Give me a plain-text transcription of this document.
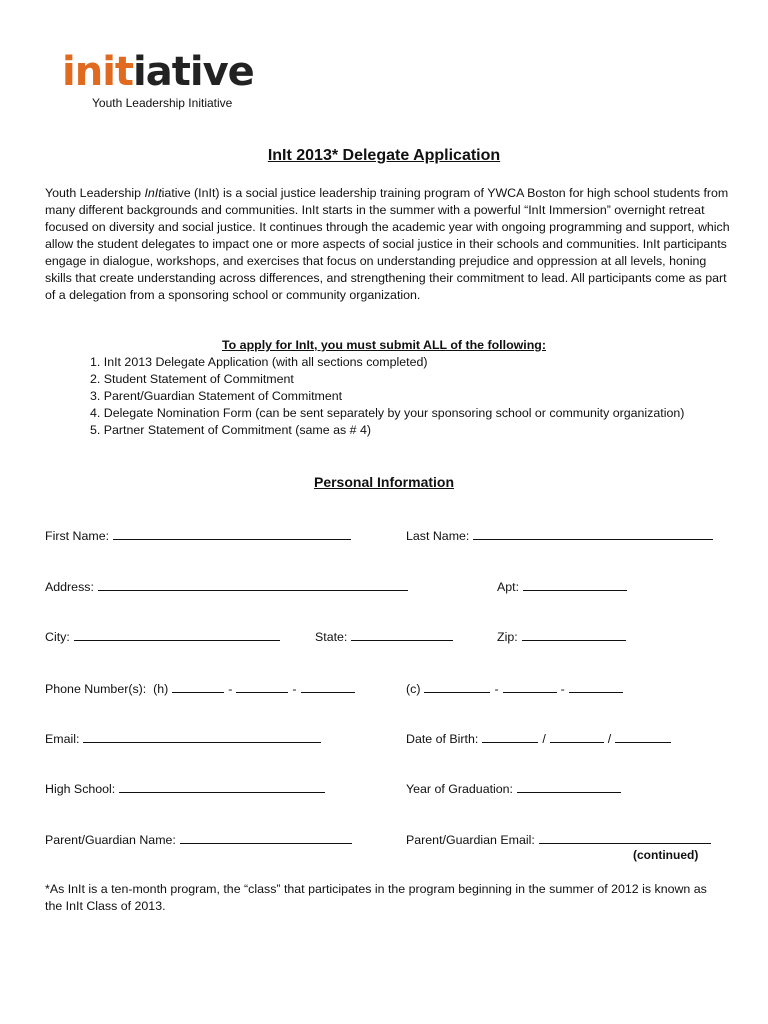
initiative
Youth Leadership Initiative
InIt 2013* Delegate Application

Youth Leadership InItiative (InIt) is a social justice leadership training program of YWCA Boston for high school students from many different backgrounds and communities. InIt starts in the summer with a powerful “InIt Immersion” overnight retreat focused on diversity and social justice. It continues through the academic year with ongoing programming and support, which allow the student delegates to impact one or more aspects of social justice in their schools and communities. InIt participants engage in dialogue, workshops, and exercises that focus on understanding prejudice and oppression at all levels, honing skills that create understanding across differences, and strengthening their commitment to lead. All participants come as part of a delegation from a sponsoring school or community organization.

To apply for InIt, you must submit ALL of the following:
1. InIt 2013 Delegate Application (with all sections completed)
2. Student Statement of Commitment
3. Parent/Guardian Statement of Commitment
4. Delegate Nomination Form (can be sent separately by your sponsoring school or community organization)
5. Partner Statement of Commitment (same as # 4)
Personal Information
First Name:	Last Name:
Address:	Apt:
City:	State:	Zip:
Phone Number(s): (h)	-	-	(c)	-	-
Email:	Date of Birth:	/	/
High School:	Year of Graduation:
Parent/Guardian Name:	Parent/Guardian Email:
(continued)

*As InIt is a ten-month program, the “class” that participates in the program beginning in the summer of 2012 is known as the InIt Class of 2013.
